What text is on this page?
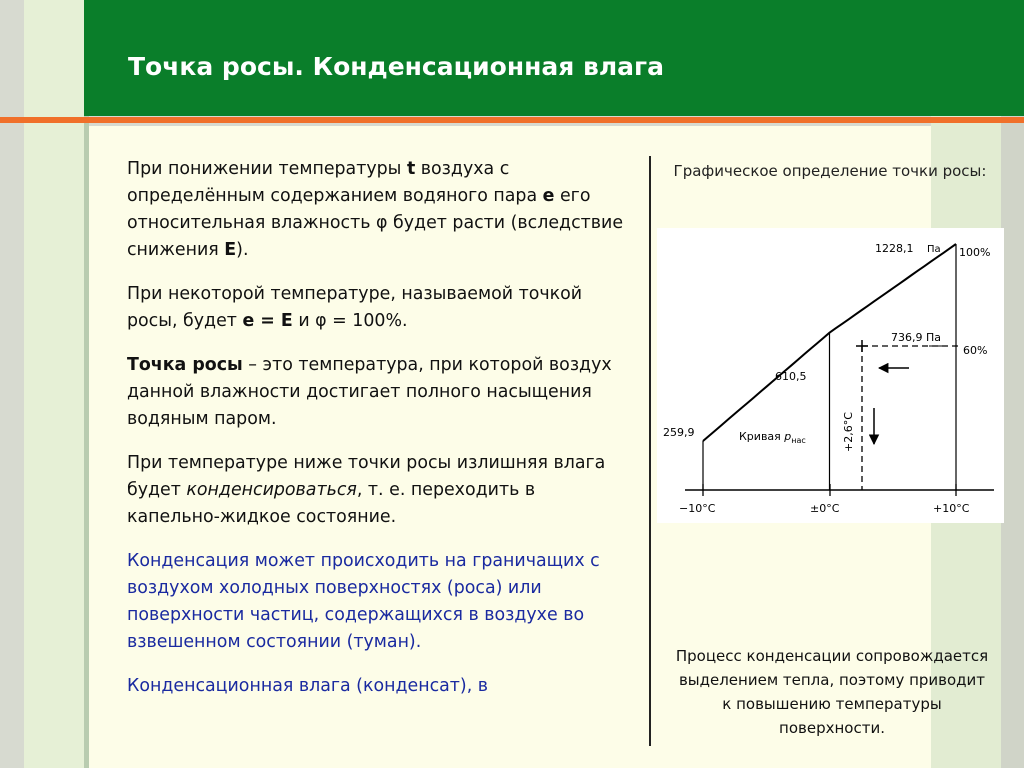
Точка росы. Конденсационная влага

При понижении температуры t воздуха с определённым содержанием водяного пара е его относительная влажность φ будет расти (вследствие снижения Е).

При некоторой температуре, называемой точкой росы, будет е = Е и φ = 100%.

Точка росы – это температура, при которой воздух данной влажности достигает полного насыщения водяным паром.

При температуре ниже точки росы излишняя влага будет конденсироваться, т. е. переходить в капельно-жидкое состояние.

Конденсация может происходить на граничащих с воздухом холодных поверхностях (роса) или поверхности частиц, содержащихся в воздухе во взвешенном состоянии (туман).

Конденсационная влага (конденсат), в

Графическое определение точки росы:
1228,1 Па 100%
736,9 Па
60%
610,5
259,9	Кривая $p_{нас}$	+2,6°С
−10°С	±0°С	+10°С
Процесс конденсации сопровождается выделением тепла, поэтому приводит к повышению температуры поверхности.
